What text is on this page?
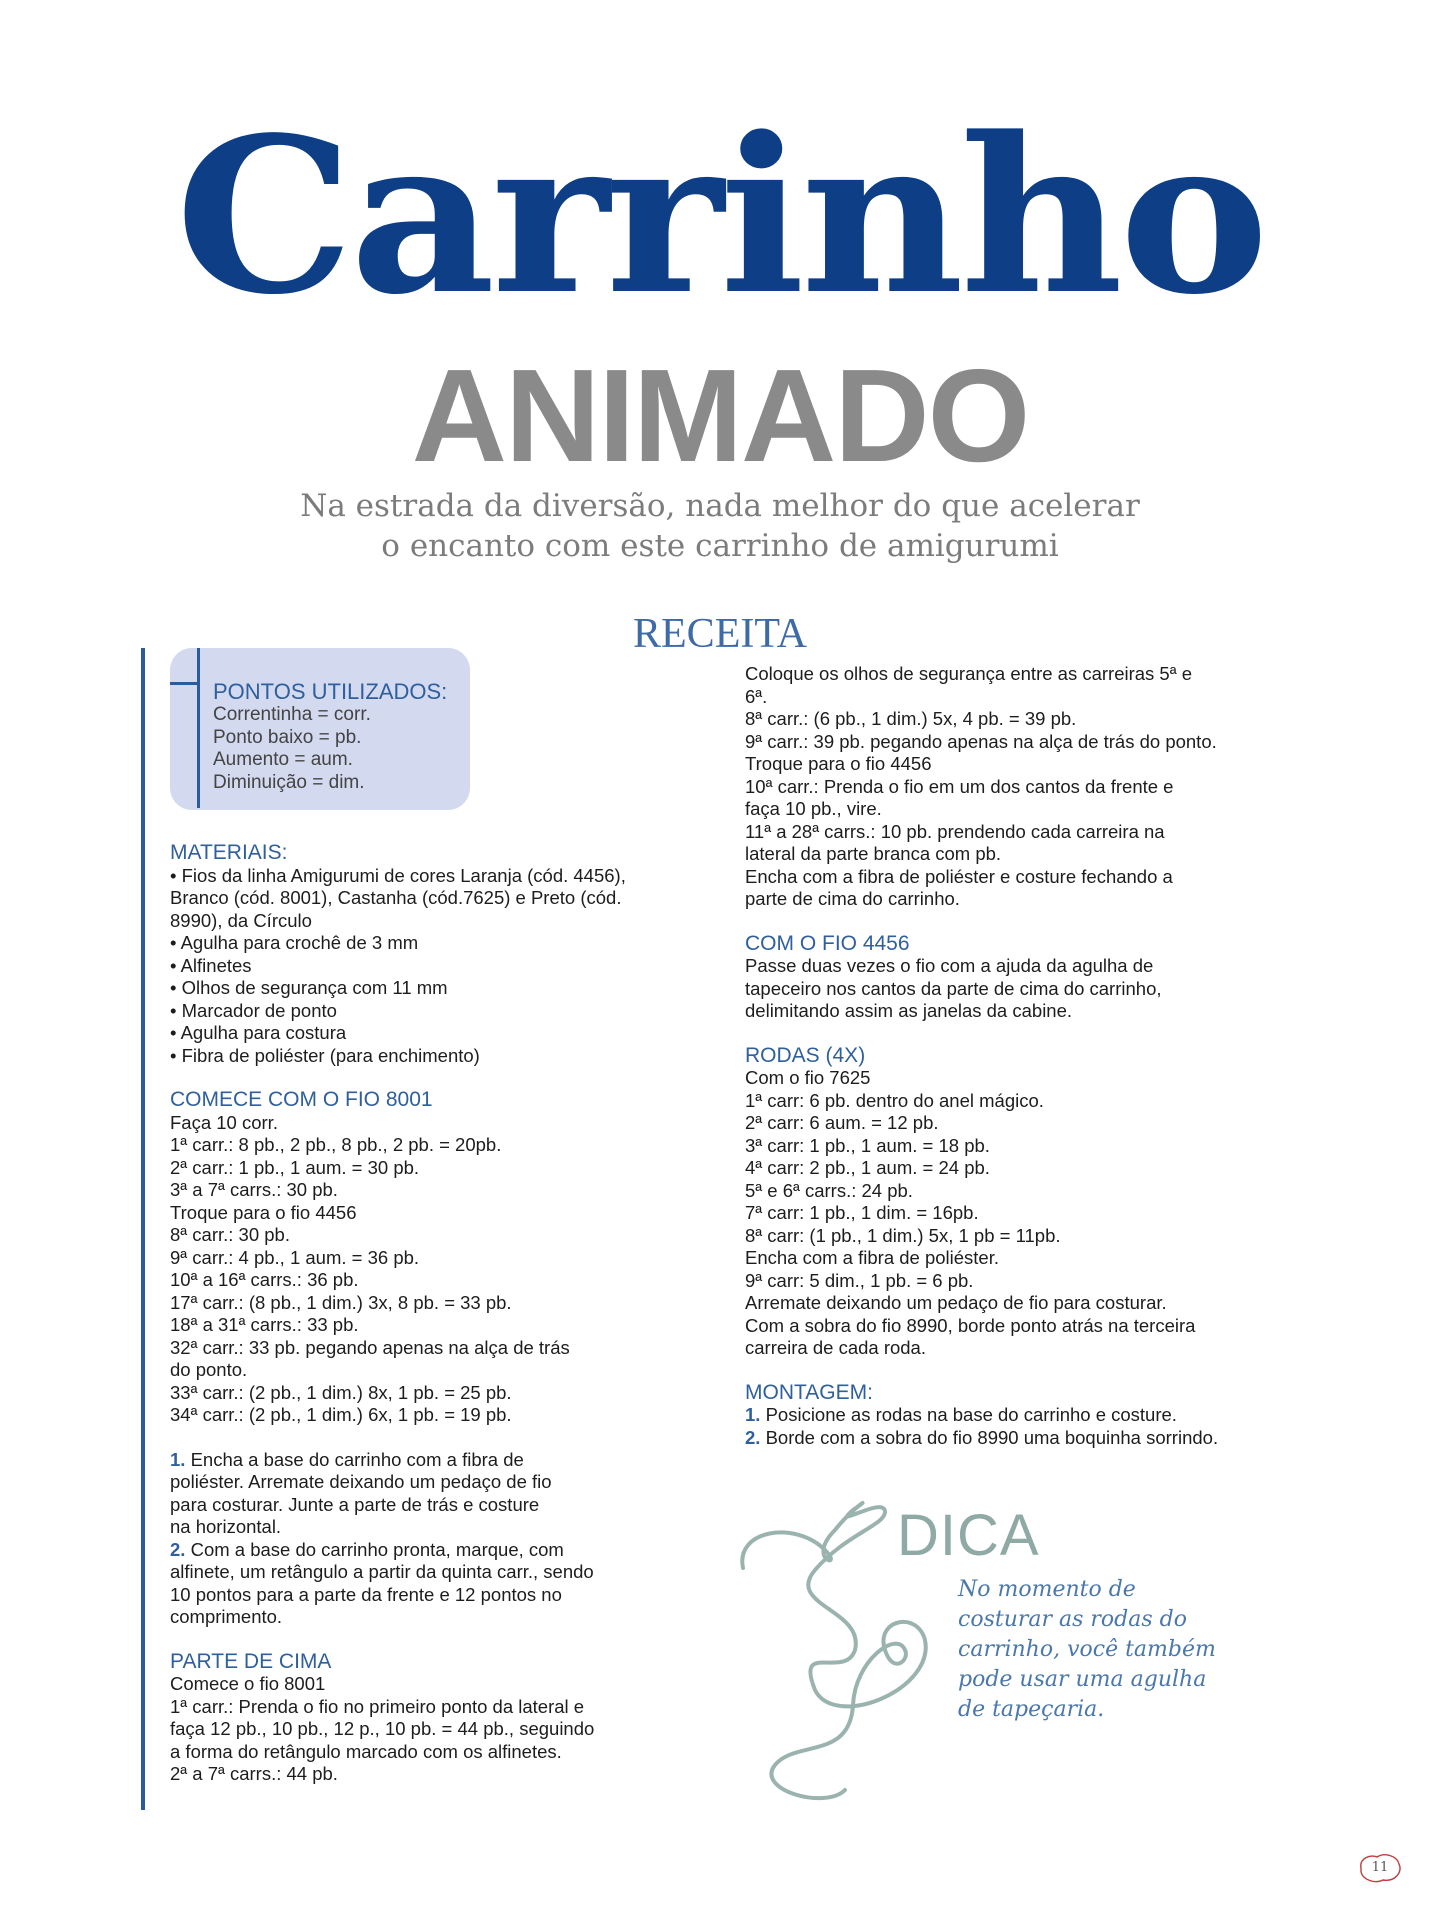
Carrinho
ANIMADO
Na estrada da diversão, nada melhor do que acelerar
o encanto com este carrinho de amigurumi
RECEITA
PONTOS UTILIZADOS:
Correntinha = corr.
Ponto baixo = pb.
Aumento = aum.
Diminuição = dim.
MATERIAIS:
• Fios da linha Amigurumi de cores Laranja (cód. 4456),
Branco (cód. 8001), Castanha (cód.7625) e Preto (cód.
8990), da Círculo
• Agulha para crochê de 3 mm
• Alfinetes
• Olhos de segurança com 11 mm
• Marcador de ponto
• Agulha para costura
• Fibra de poliéster (para enchimento)
COMECE COM O FIO 8001
Faça 10 corr.
1ª carr.: 8 pb., 2 pb., 8 pb., 2 pb. = 20pb.
2ª carr.: 1 pb., 1 aum. = 30 pb.
3ª a 7ª carrs.: 30 pb.
Troque para o fio 4456
8ª carr.: 30 pb.
9ª carr.: 4 pb., 1 aum. = 36 pb.
10ª a 16ª carrs.: 36 pb.
17ª carr.: (8 pb., 1 dim.) 3x, 8 pb. = 33 pb.
18ª a 31ª carrs.: 33 pb.
32ª carr.: 33 pb. pegando apenas na alça de trás
do ponto.
33ª carr.: (2 pb., 1 dim.) 8x, 1 pb. = 25 pb.
34ª carr.: (2 pb., 1 dim.) 6x, 1 pb. = 19 pb.
1. Encha a base do carrinho com a fibra de
poliéster. Arremate deixando um pedaço de fio
para costurar. Junte a parte de trás e costure
na horizontal.
2. Com a base do carrinho pronta, marque, com
alfinete, um retângulo a partir da quinta carr., sendo
10 pontos para a parte da frente e 12 pontos no
comprimento.
PARTE DE CIMA
Comece o fio 8001
1ª carr.: Prenda o fio no primeiro ponto da lateral e
faça 12 pb., 10 pb., 12 p., 10 pb. = 44 pb., seguindo
a forma do retângulo marcado com os alfinetes.
2ª a 7ª carrs.: 44 pb.
Coloque os olhos de segurança entre as carreiras 5ª e
6ª.
8ª carr.: (6 pb., 1 dim.) 5x, 4 pb. = 39 pb.
9ª carr.: 39 pb. pegando apenas na alça de trás do ponto.
Troque para o fio 4456
10ª carr.: Prenda o fio em um dos cantos da frente e
faça 10 pb., vire.
11ª a 28ª carrs.: 10 pb. prendendo cada carreira na
lateral da parte branca com pb.
Encha com a fibra de poliéster e costure fechando a
parte de cima do carrinho.
COM O FIO 4456
Passe duas vezes o fio com a ajuda da agulha de
tapeceiro nos cantos da parte de cima do carrinho,
delimitando assim as janelas da cabine.
RODAS (4X)
Com o fio 7625
1ª carr: 6 pb. dentro do anel mágico.
2ª carr: 6 aum. = 12 pb.
3ª carr: 1 pb., 1 aum. = 18 pb.
4ª carr: 2 pb., 1 aum. = 24 pb.
5ª e 6ª carrs.: 24 pb.
7ª carr: 1 pb., 1 dim. = 16pb.
8ª carr: (1 pb., 1 dim.) 5x, 1 pb = 11pb.
Encha com a fibra de poliéster.
9ª carr: 5 dim., 1 pb. = 6 pb.
Arremate deixando um pedaço de fio para costurar.
Com a sobra do fio 8990, borde ponto atrás na terceira
carreira de cada roda.
MONTAGEM:
1. Posicione as rodas na base do carrinho e costure.
2. Borde com a sobra do fio 8990 uma boquinha sorrindo.
DICA
No momento de
costurar as rodas do
carrinho, você também
pode usar uma agulha
de tapeçaria.
11
